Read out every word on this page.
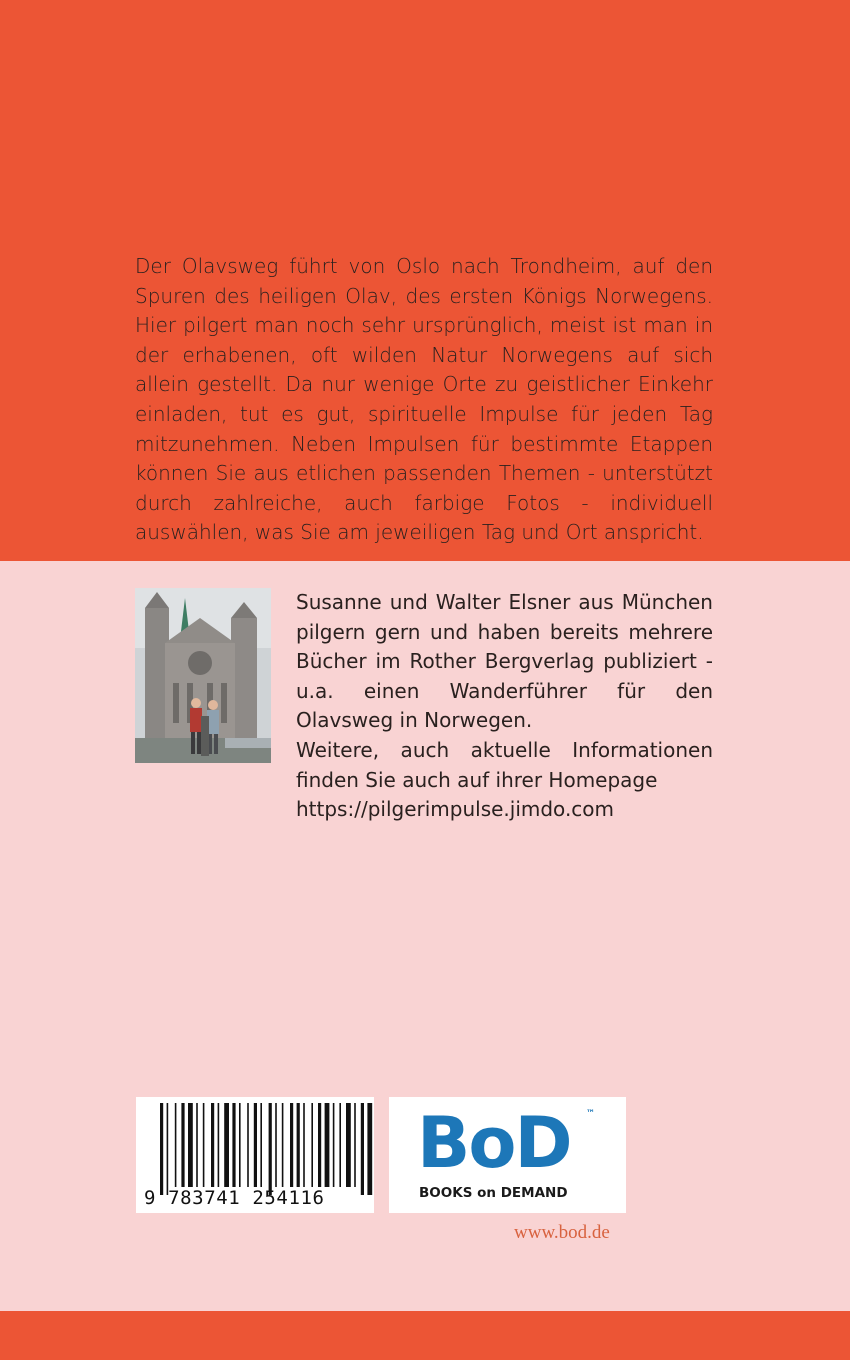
Der Olavsweg führt von Oslo nach Trondheim, auf den Spuren des heiligen Olav, des ersten Königs Norwegens. Hier pilgert man noch sehr ursprünglich, meist ist man in der erhabenen, oft wilden Natur Norwegens auf sich allein gestellt. Da nur wenige Orte zu geistlicher Einkehr einladen, tut es gut, spirituelle Impulse für jeden Tag mitzunehmen. Neben Impulsen für bestimmte Etappen können Sie aus etlichen passenden Themen - unterstützt durch zahlreiche, auch farbige Fotos - individuell auswählen, was Sie am jeweiligen Tag und Ort anspricht.

Susanne und Walter Elsner aus München pilgern gern und haben bereits mehrere Bücher im Rother Bergverlag publiziert - u.a. einen Wanderführer für den Olavsweg in Norwegen.

Weitere, auch aktuelle Informationen finden Sie auch auf ihrer Homepage

https://pilgerimpulse.jimdo.com

9 783741 254116
BoD ™
BOOKS on DEMAND
www.bod.de
